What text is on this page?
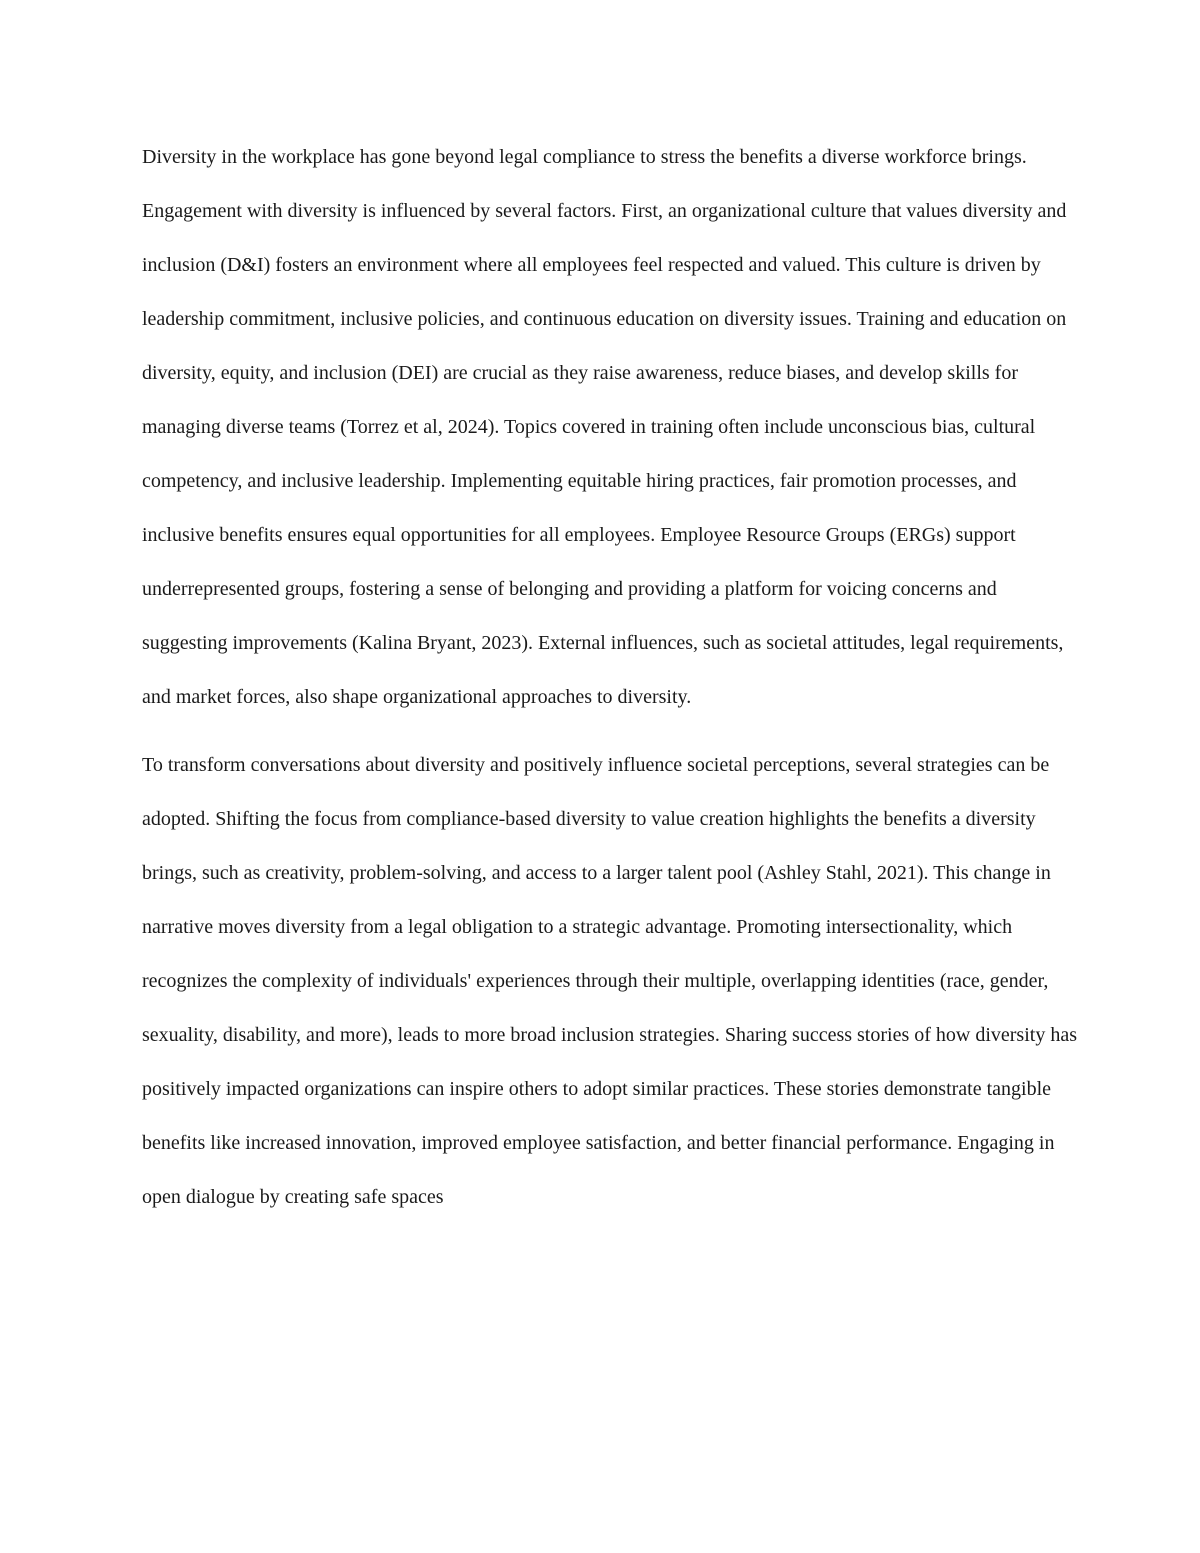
Diversity in the workplace has gone beyond legal compliance to stress the benefits a diverse workforce brings. Engagement with diversity is influenced by several factors. First, an organizational culture that values diversity and inclusion (D&I) fosters an environment where all employees feel respected and valued. This culture is driven by leadership commitment, inclusive policies, and continuous education on diversity issues. Training and education on diversity, equity, and inclusion (DEI) are crucial as they raise awareness, reduce biases, and develop skills for managing diverse teams (Torrez et al, 2024). Topics covered in training often include unconscious bias, cultural competency, and inclusive leadership. Implementing equitable hiring practices, fair promotion processes, and inclusive benefits ensures equal opportunities for all employees. Employee Resource Groups (ERGs) support underrepresented groups, fostering a sense of belonging and providing a platform for voicing concerns and suggesting improvements (Kalina Bryant, 2023). External influences, such as societal attitudes, legal requirements, and market forces, also shape organizational approaches to diversity.

To transform conversations about diversity and positively influence societal perceptions, several strategies can be adopted. Shifting the focus from compliance-based diversity to value creation highlights the benefits a diversity brings, such as creativity, problem-solving, and access to a larger talent pool (Ashley Stahl, 2021). This change in narrative moves diversity from a legal obligation to a strategic advantage. Promoting intersectionality, which recognizes the complexity of individuals' experiences through their multiple, overlapping identities (race, gender, sexuality, disability, and more), leads to more broad inclusion strategies. Sharing success stories of how diversity has positively impacted organizations can inspire others to adopt similar practices. These stories demonstrate tangible benefits like increased innovation, improved employee satisfaction, and better financial performance. Engaging in open dialogue by creating safe spaces
